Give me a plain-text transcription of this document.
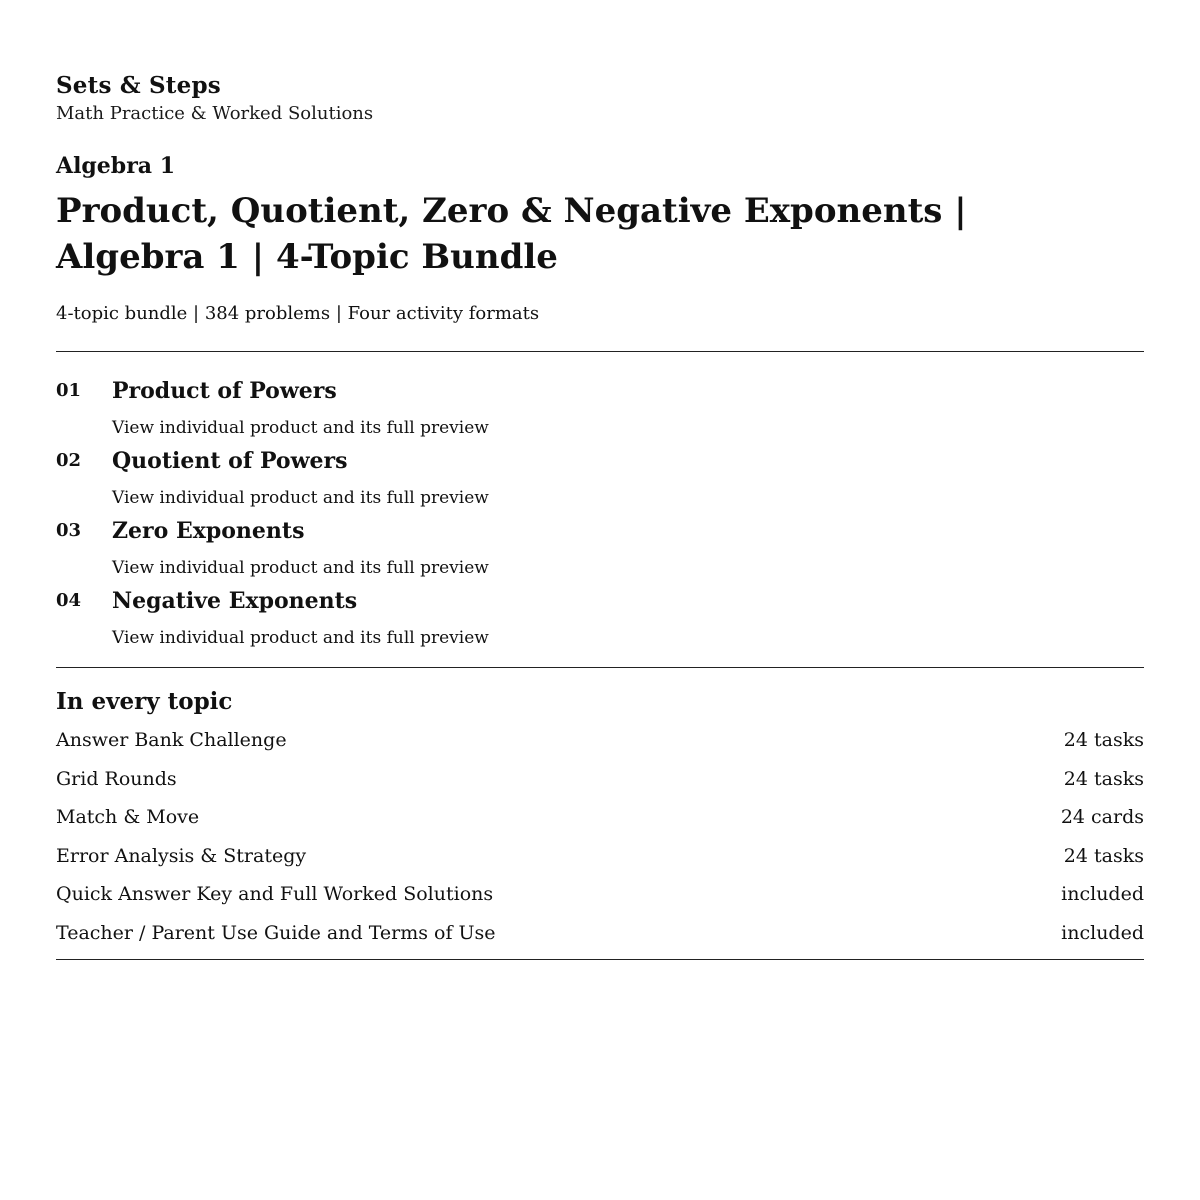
Sets & Steps
Math Practice & Worked Solutions
Algebra 1
Product, Quotient, Zero & Negative Exponents | Algebra 1 | 4-Topic Bundle
4-topic bundle | 384 problems | Four activity formats
01 Product of Powers
View individual product and its full preview
02 Quotient of Powers
View individual product and its full preview
03 Zero Exponents
View individual product and its full preview
04 Negative Exponents
View individual product and its full preview
In every topic
Answer Bank Challenge	24 tasks
Grid Rounds	24 tasks
Match & Move	24 cards
Error Analysis & Strategy	24 tasks
Quick Answer Key and Full Worked Solutions	included
Teacher / Parent Use Guide and Terms of Use	included
